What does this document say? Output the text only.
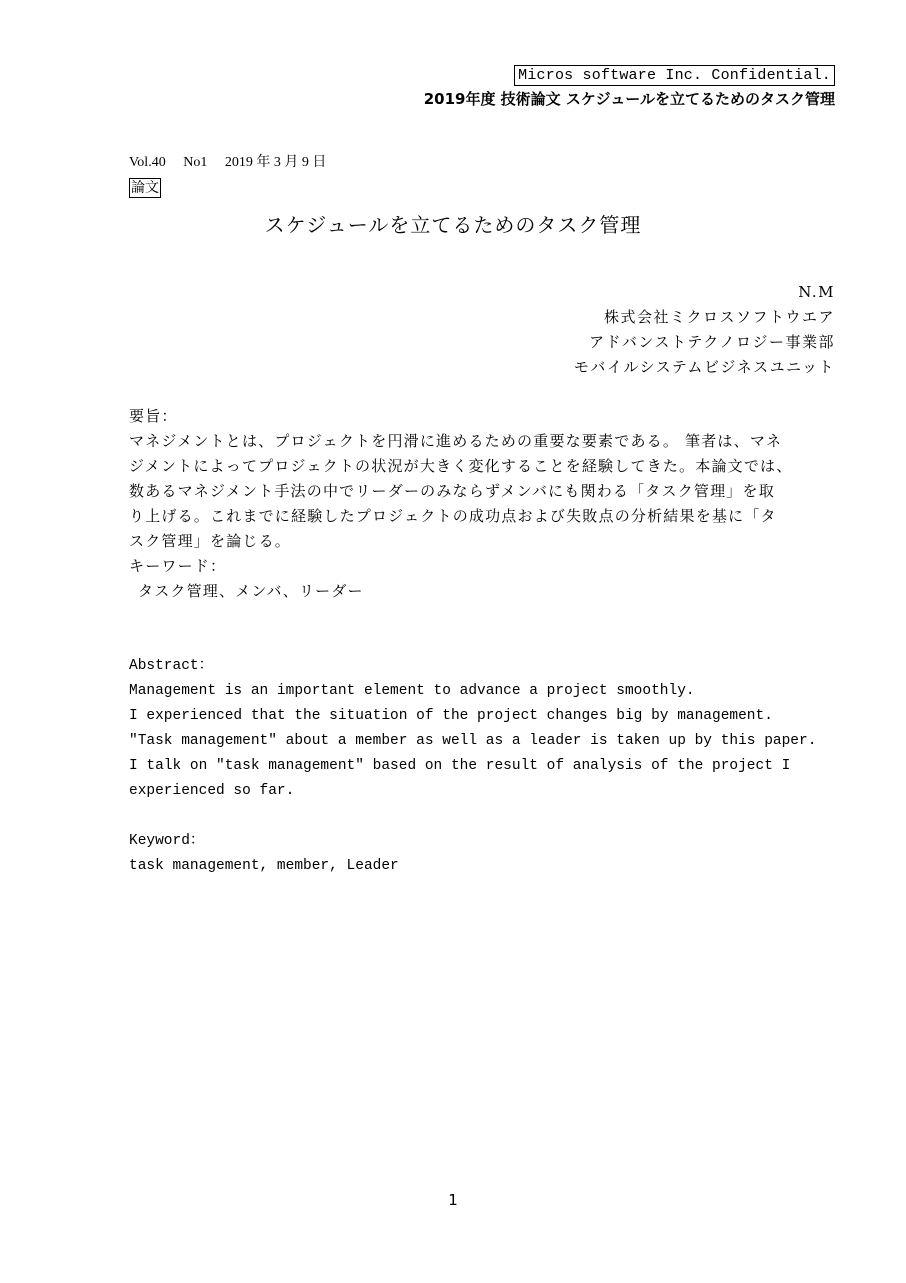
Micros software Inc. Confidential.
2019年度 技術論文 スケジュールを立てるためのタスク管理
Vol.40 No1 2019 年 3 月 9 日
論文
スケジュールを立てるためのタスク管理
N.M
株式会社ミクロスソフトウエア
アドバンストテクノロジー事業部
モバイルシステムビジネスユニット
要旨：
マネジメントとは、プロジェクトを円滑に進めるための重要な要素である。 筆者は、マネ
ジメントによってプロジェクトの状況が大きく変化することを経験してきた。本論文では、
数あるマネジメント手法の中でリーダーのみならずメンバにも関わる「タスク管理」を取
り上げる。これまでに経験したプロジェクトの成功点および失敗点の分析結果を基に「タ
スク管理」を論じる。
キーワード：
タスク管理、メンバ、リーダー
Abstract：
Management is an important element to advance a project smoothly.
I experienced that the situation of the project changes big by management.
″Task management″ about a member as well as a leader is taken up by this paper.
I talk on ″task management″ based on the result of analysis of the project I
experienced so far.
Keyword：
task management, member, Leader
1
